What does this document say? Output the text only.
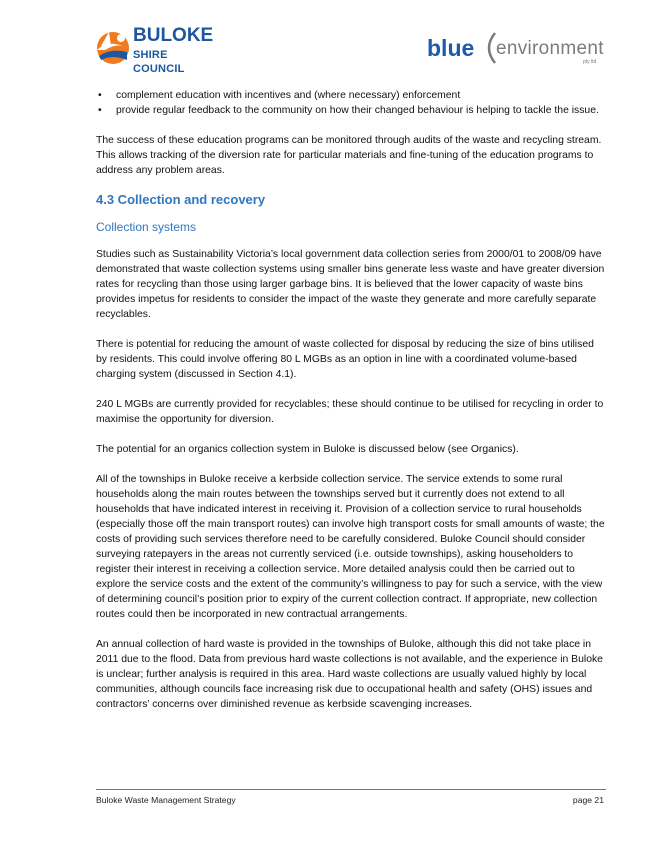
BULOKE
SHIRE COUNCIL
blue environment
pty ltd
• complement education with incentives and (where necessary) enforcement
• provide regular feedback to the community on how their changed behaviour is helping to tackle the issue.

The success of these education programs can be monitored through audits of the waste and recycling stream. This allows tracking of the diversion rate for particular materials and fine-tuning of the education programs to address any problem areas.

4.3 Collection and recovery
Collection systems

Studies such as Sustainability Victoria’s local government data collection series from 2000/01 to 2008/09 have demonstrated that waste collection systems using smaller bins generate less waste and have greater diversion rates for recycling than those using larger garbage bins. It is believed that the lower capacity of waste bins provides impetus for residents to consider the impact of the waste they generate and more carefully separate recyclables.

There is potential for reducing the amount of waste collected for disposal by reducing the size of bins utilised by residents. This could involve offering 80 L MGBs as an option in line with a coordinated volume-based charging system (discussed in Section 4.1).

240 L MGBs are currently provided for recyclables; these should continue to be utilised for recycling in order to maximise the opportunity for diversion.

The potential for an organics collection system in Buloke is discussed below (see Organics).

All of the townships in Buloke receive a kerbside collection service. The service extends to some rural households along the main routes between the townships served but it currently does not extend to all households that have indicated interest in receiving it. Provision of a collection service to rural households (especially those off the main transport routes) can involve high transport costs for small amounts of waste; the costs of providing such services therefore need to be carefully considered. Buloke Council should consider surveying ratepayers in the areas not currently serviced (i.e. outside townships), asking householders to register their interest in receiving a collection service. More detailed analysis could then be carried out to explore the service costs and the extent of the community’s willingness to pay for such a service, with the view of determining council’s position prior to expiry of the current collection contract. If appropriate, new collection routes could then be incorporated in new contractual arrangements.

An annual collection of hard waste is provided in the townships of Buloke, although this did not take place in 2011 due to the flood. Data from previous hard waste collections is not available, and the experience in Buloke is unclear; further analysis is required in this area. Hard waste collections are usually valued highly by local communities, although councils face increasing risk due to occupational health and safety (OHS) issues and contractors’ concerns over diminished revenue as kerbside scavenging increases.

Buloke Waste Management Strategy	page 21
